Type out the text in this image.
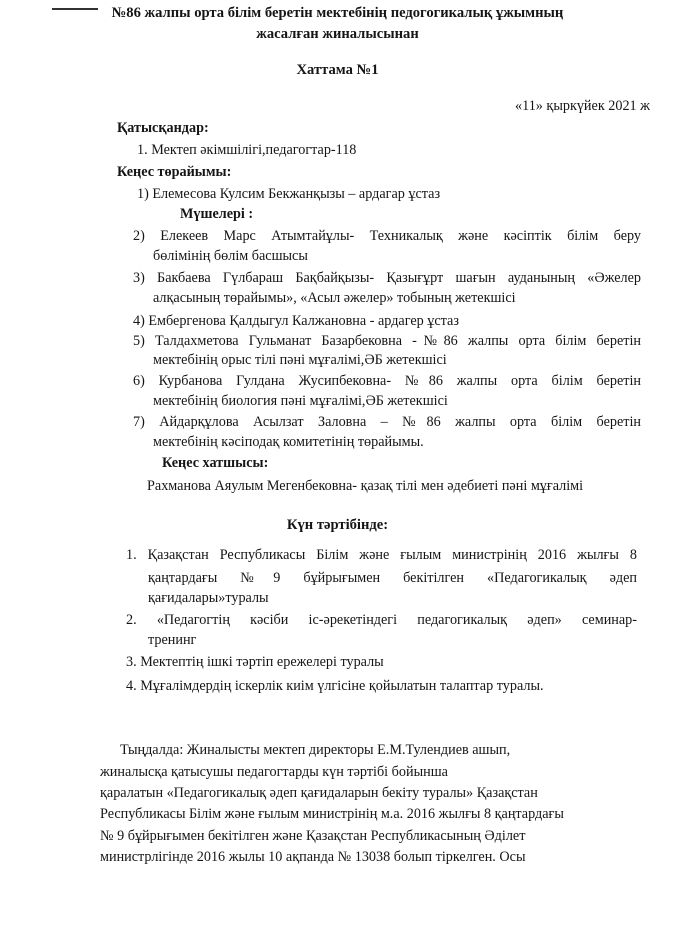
№86 жалпы орта білім беретін мектебінің педогогикалық ұжымның
жасалған жиналысынан
Хаттама №1
«11» қыркүйек 2021 ж
Қатысқандар:
1. Мектеп әкімшілігі,педагогтар-118
Кеңес төрайымы:
1) Елемесова Кулсим Бекжанқызы – ардагар ұстаз
Мүшелері :
2) Елекеев Марс Атымтайұлы- Техникалық және кәсіптік білім беру
бөлімінің бөлім басшысы
3) Бакбаева Гүлбараш Бақбайқызы- Қазығұрт шағын ауданының «Әжелер
алқасының төрайымы», «Асыл әжелер» тобының жетекшісі
4) Ембергенова Қалдыгул Калжановна - ардагер ұстаз
5) Талдахметова Гульманат Базарбековна -№86 жалпы орта білім беретін
мектебінің орыс тілі пәні мұғалімі,ӘБ жетекшісі
6) Курбанова Гулдана Жусипбековна- №86 жалпы орта білім беретін
мектебінің биология пәні мұғалімі,ӘБ жетекшісі
7) Айдарқұлова Асылзат Заловна – №86 жалпы орта білім беретін
мектебінің кәсіподақ комитетінің төрайымы.
Кеңес хатшысы:
Рахманова Аяулым Мегенбековна- қазақ тілі мен әдебиеті пәні мұғалімі
Күн тәртібінде:
1. Қазақстан Республикасы Білім және ғылым министрінің 2016 жылғы 8
қаңтардағы №9 бұйрығымен бекітілген «Педагогикалық әдеп
қағидалары»туралы
2. «Педагогтің кәсіби іс-әрекетіндегі педагогикалық әдеп» семинар-
тренинг
3. Мектептің ішкі тәртіп ережелері туралы
4. Мұғалімдердің іскерлік киім үлгісіне қойылатын талаптар туралы.
Тыңдалда: Жиналысты мектеп директоры Е.М.Тулендиев ашып,
жиналысқа қатысушы педагогтарды күн тәртібі бойынша
қаралатын «Педагогикалық әдеп қағидаларын бекіту туралы» Қазақстан
Республикасы Білім және ғылым министрінің м.а. 2016 жылғы 8 қаңтардағы
№ 9 бұйрығымен бекітілген және Қазақстан Республикасының Әділет
министрлігінде 2016 жылы 10 ақпанда № 13038 болып тіркелген. Осы
